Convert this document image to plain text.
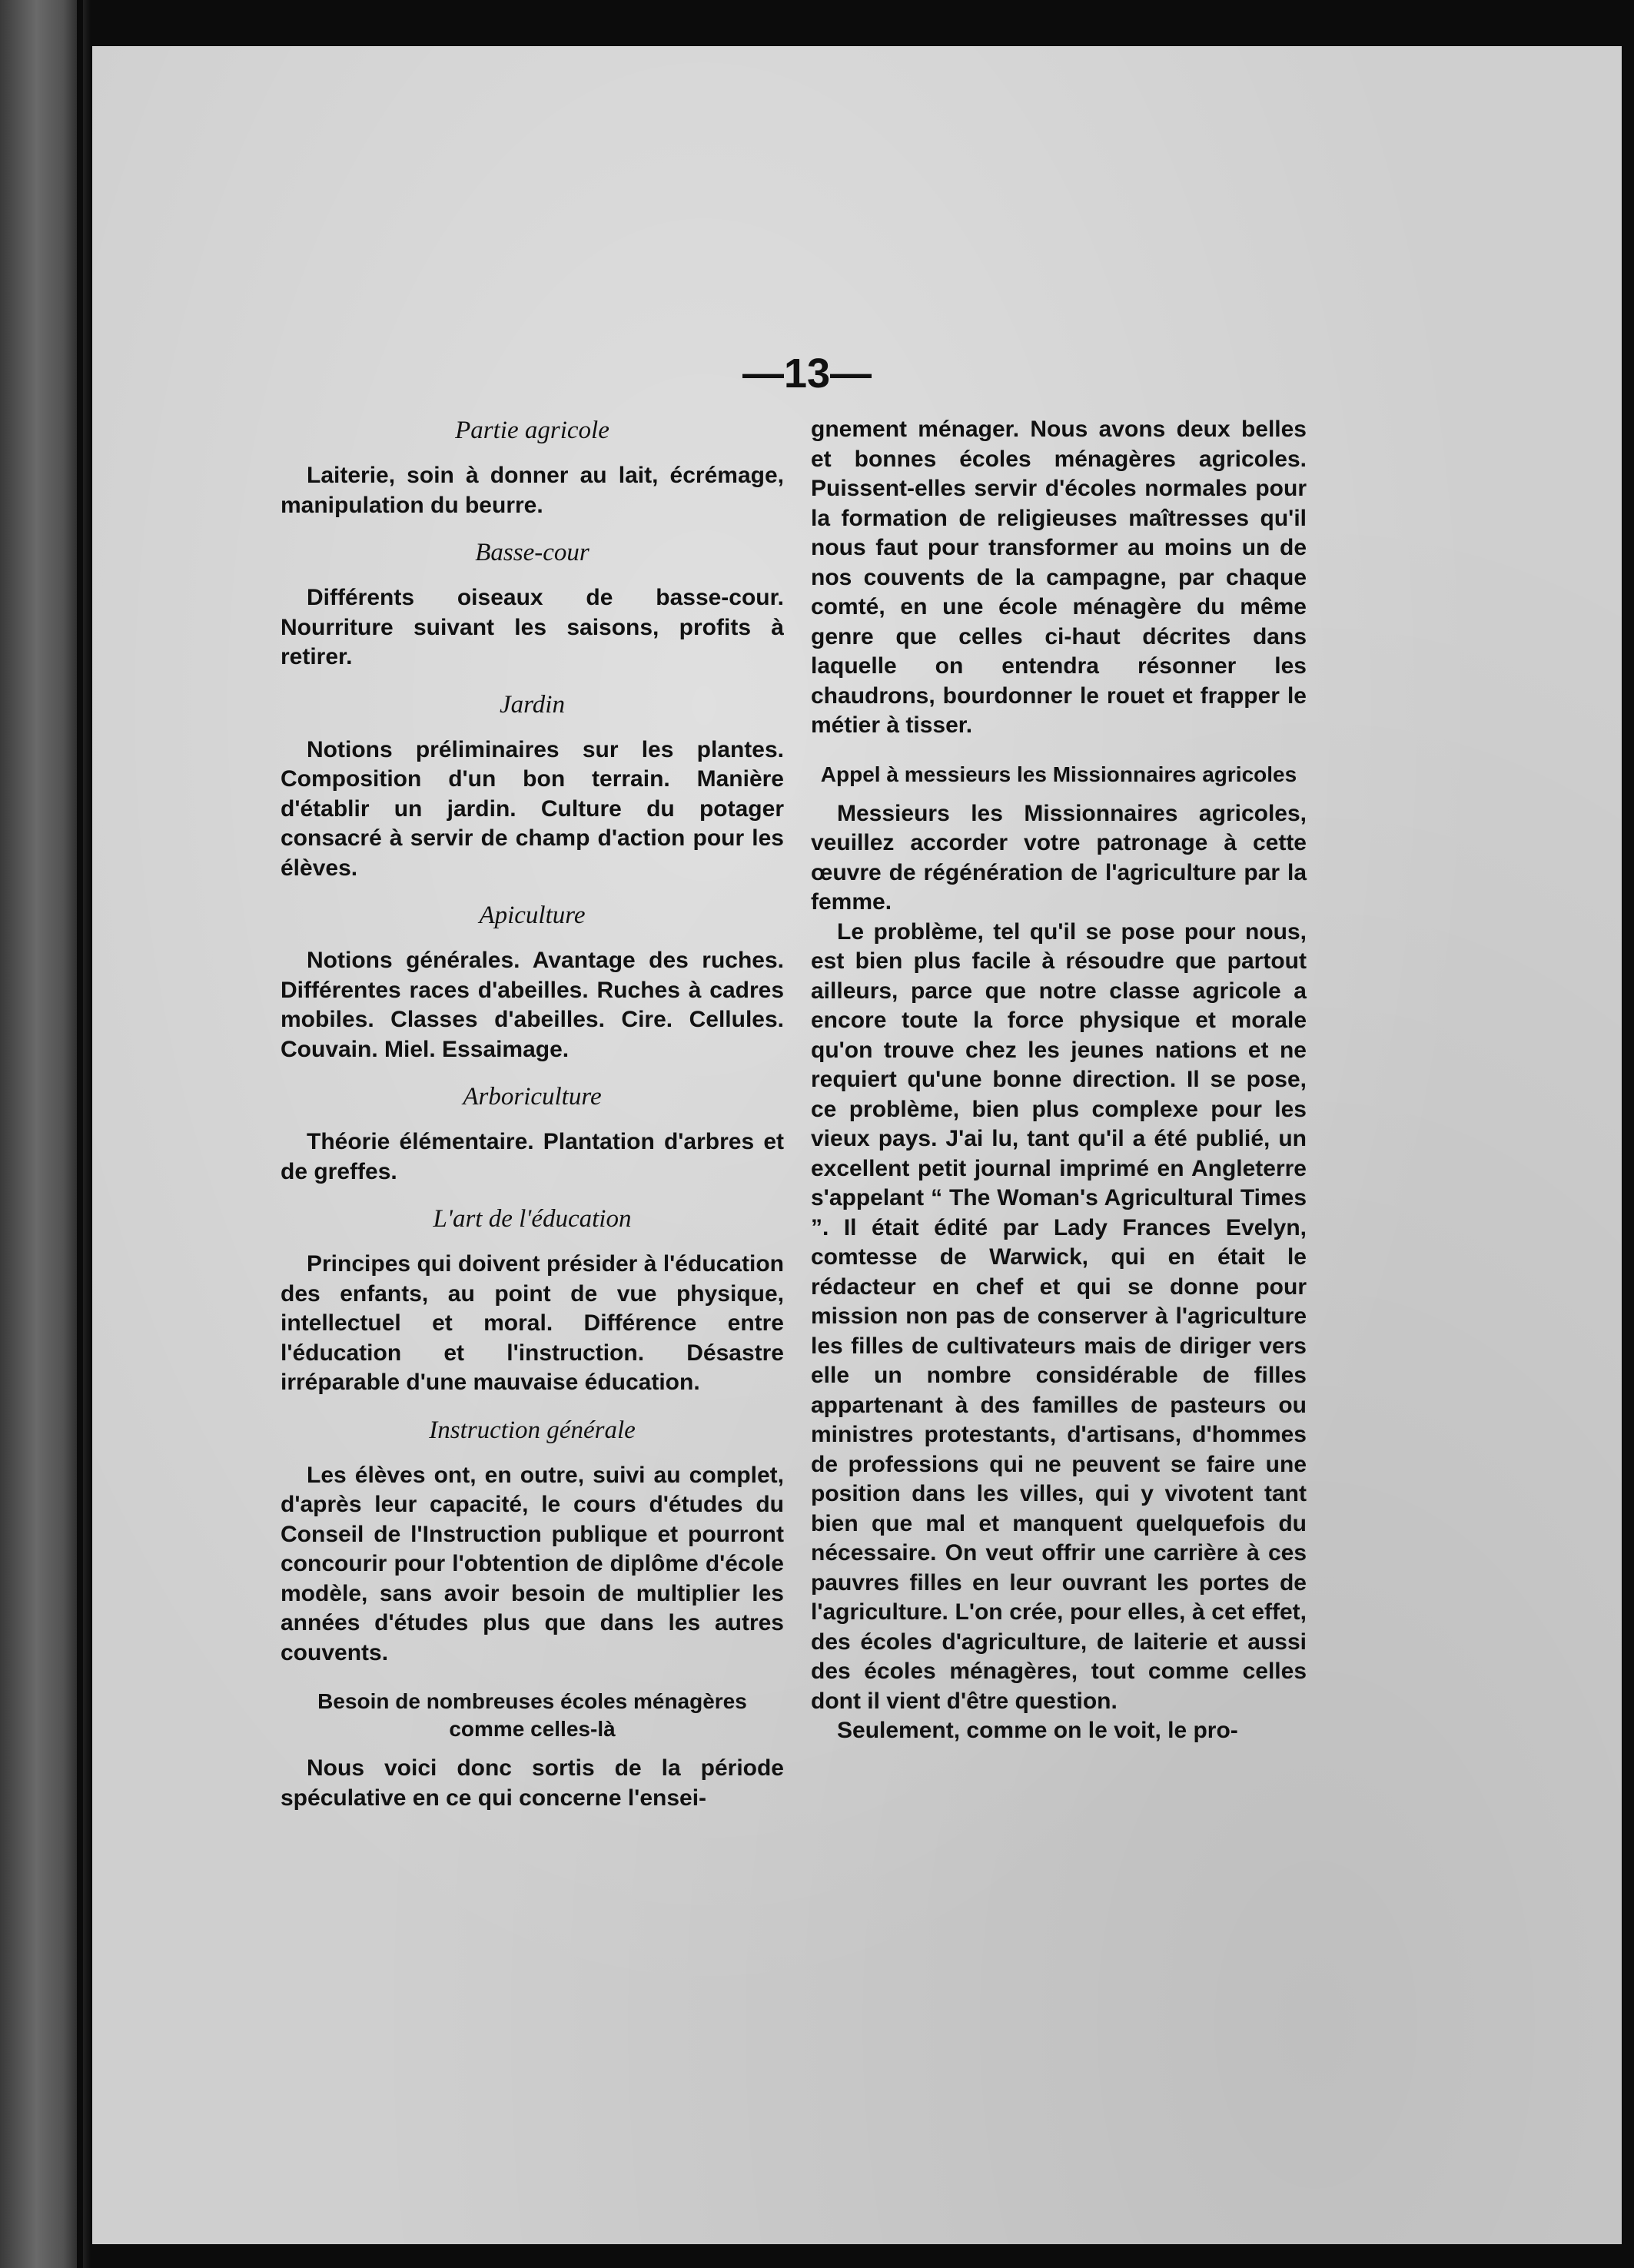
—13—
Partie agricole

Laiterie, soin à donner au lait, écrémage, manipulation du beurre.

Basse-cour

Différents oiseaux de basse-cour. Nourriture suivant les saisons, profits à retirer.

Jardin

Notions préliminaires sur les plantes. Composition d'un bon terrain. Manière d'établir un jardin. Culture du potager consacré à servir de champ d'action pour les élèves.

Apiculture

Notions générales. Avantage des ruches. Différentes races d'abeilles. Ruches à cadres mobiles. Classes d'abeilles. Cire. Cellules. Couvain. Miel. Essaimage.

Arboriculture

Théorie élémentaire. Plantation d'arbres et de greffes.

L'art de l'éducation

Principes qui doivent présider à l'éducation des enfants, au point de vue physique, intellectuel et moral. Différence entre l'éducation et l'instruction. Désastre irréparable d'une mauvaise éducation.

Instruction générale

Les élèves ont, en outre, suivi au complet, d'après leur capacité, le cours d'études du Conseil de l'Instruction publique et pourront concourir pour l'obtention de diplôme d'école modèle, sans avoir besoin de multiplier les années d'études plus que dans les autres couvents.

Besoin de nombreuses écoles ménagères comme celles-là

Nous voici donc sortis de la période spéculative en ce qui concerne l'ensei-

gnement ménager. Nous avons deux belles et bonnes écoles ménagères agricoles. Puissent-elles servir d'écoles normales pour la formation de religieuses maîtresses qu'il nous faut pour transformer au moins un de nos couvents de la campagne, par chaque comté, en une école ménagère du même genre que celles ci-haut décrites dans laquelle on entendra résonner les chaudrons, bourdonner le rouet et frapper le métier à tisser.

Appel à messieurs les Missionnaires agricoles

Messieurs les Missionnaires agricoles, veuillez accorder votre patronage à cette œuvre de régénération de l'agriculture par la femme.

Le problème, tel qu'il se pose pour nous, est bien plus facile à résoudre que partout ailleurs, parce que notre classe agricole a encore toute la force physique et morale qu'on trouve chez les jeunes nations et ne requiert qu'une bonne direction. Il se pose, ce problème, bien plus complexe pour les vieux pays. J'ai lu, tant qu'il a été publié, un excellent petit journal imprimé en Angleterre s'appelant “ The Woman's Agricultural Times ”. Il était édité par Lady Frances Evelyn, comtesse de Warwick, qui en était le rédacteur en chef et qui se donne pour mission non pas de conserver à l'agriculture les filles de cultivateurs mais de diriger vers elle un nombre considérable de filles appartenant à des familles de pasteurs ou ministres protestants, d'artisans, d'hommes de professions qui ne peuvent se faire une position dans les villes, qui y vivotent tant bien que mal et manquent quelquefois du nécessaire. On veut offrir une carrière à ces pauvres filles en leur ouvrant les portes de l'agriculture. L'on crée, pour elles, à cet effet, des écoles d'agriculture, de laiterie et aussi des écoles ménagères, tout comme celles dont il vient d'être question.

Seulement, comme on le voit, le pro-
